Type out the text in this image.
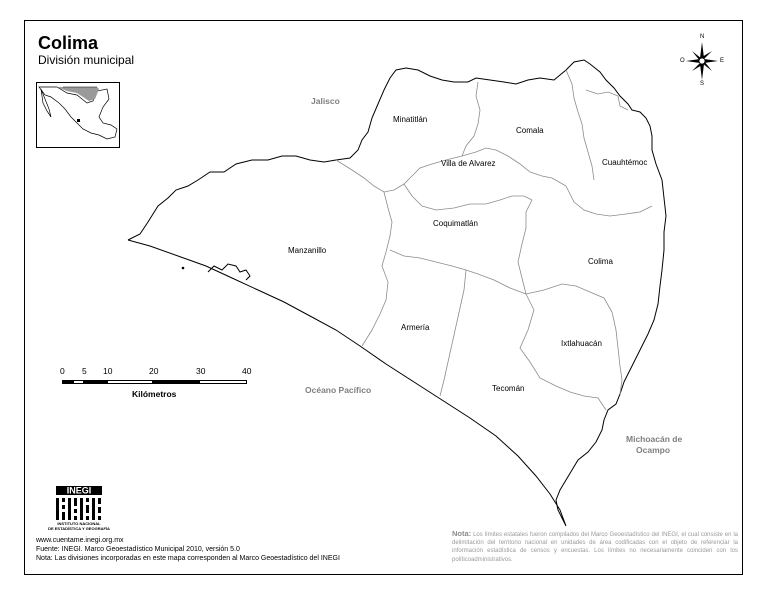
Colima
División municipal
N
S
E
O
Minatitlán
Comala
Villa de Alvarez	Cuauhtémoc
Coquimatlán
Manzanillo
Colima
Armería
Ixtlahuacán
Tecomán
Jalisco
Océano Pacífico
Michoacán de
Ocampo
0 5 10	20	30	40
Kilómetros
INEGI
INSTITUTO NACIONAL
DE ESTADÍSTICA Y GEOGRAFÍA
www.cuentame.inegi.org.mx
Fuente: INEGI. Marco Geoestadístico Municipal 2010, versión 5.0
Nota: Las divisiones incorporadas en este mapa corresponden al Marco Geoestadístico del INEGI
Nota: Los límites estatales fueron compilados del Marco Geoestadístico del INEGI, el cual consiste en la delimitación del territorio nacional en unidades de área codificadas con el objeto de referenciar la información estadística de censos y encuestas. Los límites no necesariamente coinciden con los políticoadministrativos.
